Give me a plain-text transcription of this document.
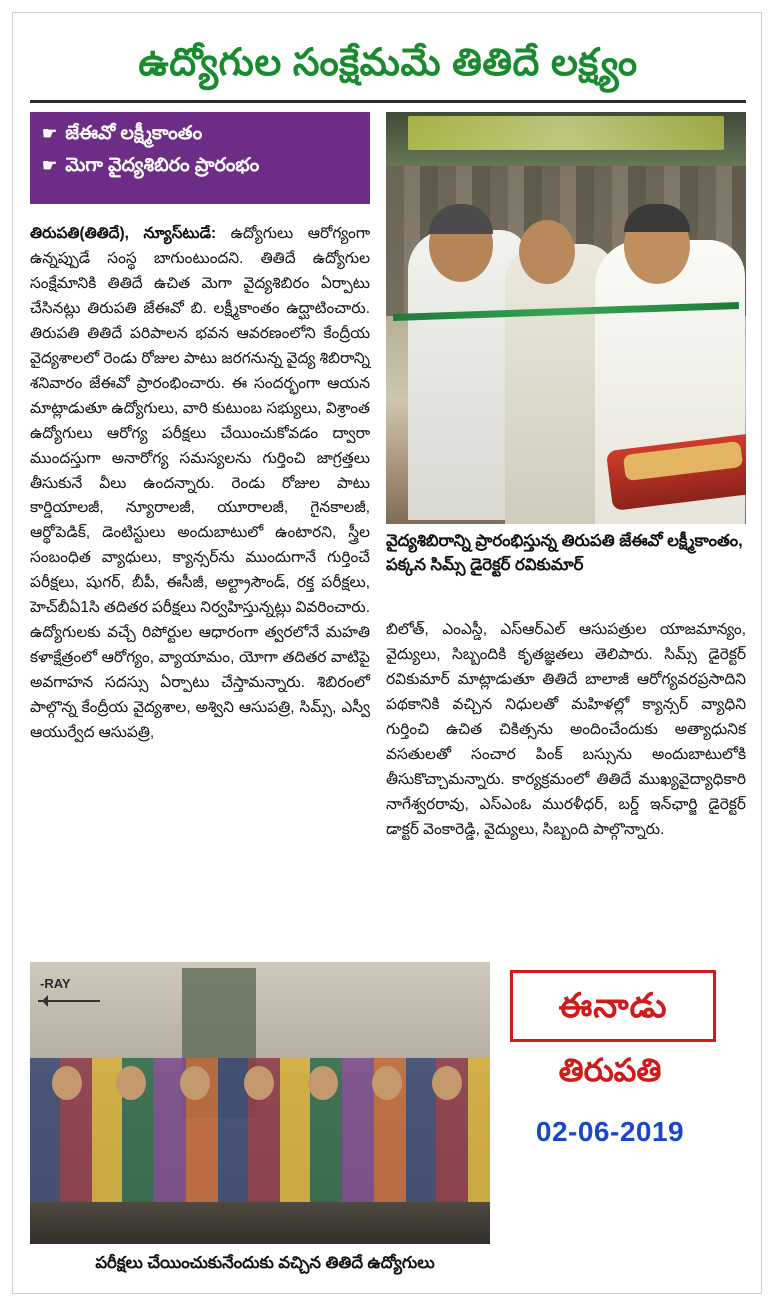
ఉద్యోగుల సంక్షేమమే తితిదే లక్ష్యం
☛ జేఈవో లక్ష్మీకాంతం
☛ మెగా వైద్యశిబిరం ప్రారంభం
వైద్యశిబిరాన్ని ప్రారంభిస్తున్న తిరుపతి జేఈవో లక్ష్మీకాంతం, పక్కన సిమ్స్ డైరెక్టర్ రవికుమార్
తిరుపతి(తితిదే), న్యూస్‌టుడే: ఉద్యోగులు ఆరోగ్యంగా ఉన్నప్పుడే సంస్థ బాగుంటుందని. తితిదే ఉద్యోగుల సంక్షేమానికి తితిదే ఉచిత మెగా వైద్యశిబిరం ఏర్పాటు చేసినట్లు తిరుపతి జేఈవో బి. లక్ష్మీకాంతం ఉద్ఘాటించారు. తిరుపతి తితిదే పరిపాలన భవన ఆవరణంలోని కేంద్రీయ వైద్యశాలలో రెండు రోజుల పాటు జరగనున్న వైద్య శిబిరాన్ని శనివారం జేఈవో ప్రారంభించారు. ఈ సందర్భంగా ఆయన మాట్లాడుతూ ఉద్యోగులు, వారి కుటుంబ సభ్యులు, విశ్రాంత ఉద్యోగులు ఆరోగ్య పరీక్షలు చేయించుకోవడం ద్వారా ముందస్తుగా అనారోగ్య సమస్యలను గుర్తించి జాగ్రత్తలు తీసుకునే వీలు ఉందన్నారు. రెండు రోజుల పాటు కార్డియాలజీ, న్యూరాలజీ, యూరాలజీ, గైనకాలజీ, ఆర్థోపెడిక్, డెంటిస్టులు అందుబాటులో ఉంటారని, స్త్రీల సంబంధిత వ్యాధులు, క్యాన్సర్‌ను ముందుగానే గుర్తించే పరీక్షలు, షుగర్, బీపీ, ఈసీజీ, అల్ట్రాసౌండ్, రక్త పరీక్షలు, హెచ్‌బీఏ1సి తదితర పరీక్షలు నిర్వహిస్తున్నట్లు వివరించారు. ఉద్యోగులకు వచ్చే రిపోర్టుల ఆధారంగా త్వరలోనే మహతి కళాక్షేత్రంలో ఆరోగ్యం, వ్యాయామం, యోగా తదితర వాటిపై అవగాహన సదస్సు ఏర్పాటు చేస్తామన్నారు. శిబిరంలో పాల్గొన్న కేంద్రీయ వైద్యశాల, అశ్విని ఆసుపత్రి, సిమ్స్, ఎస్వీ ఆయుర్వేద ఆసుపత్రి,
బిలోత్, ఎంఎస్డీ, ఎస్ఆర్ఎల్ ఆసుపత్రుల యాజమాన్యం, వైద్యులు, సిబ్బందికి కృతజ్ఞతలు తెలిపారు. సిమ్స్ డైరెక్టర్ రవికుమార్ మాట్లాడుతూ తితిదే బాలాజీ ఆరోగ్యవరప్రసాదిని పథకానికి వచ్చిన నిధులతో మహిళల్లో క్యాన్సర్ వ్యాధిని గుర్తించి ఉచిత చికిత్సను అందించేందుకు అత్యాధునిక వసతులతో సంచార పింక్ బస్సును అందుబాటులోకి తీసుకొచ్చామన్నారు. కార్యక్రమంలో తితిదే ముఖ్యవైద్యాధికారి నాగేశ్వరరావు, ఎస్ఎంఓ మురళీధర్, బర్డ్ ఇన్‌ఛార్జి డైరెక్టర్ డాక్టర్ వెంకారెడ్డి, వైద్యులు, సిబ్బంది పాల్గొన్నారు.
-RAY
పరీక్షలు చేయించుకునేందుకు వచ్చిన తితిదే ఉద్యోగులు
ఈనాడు
తిరుపతి
02-06-2019
